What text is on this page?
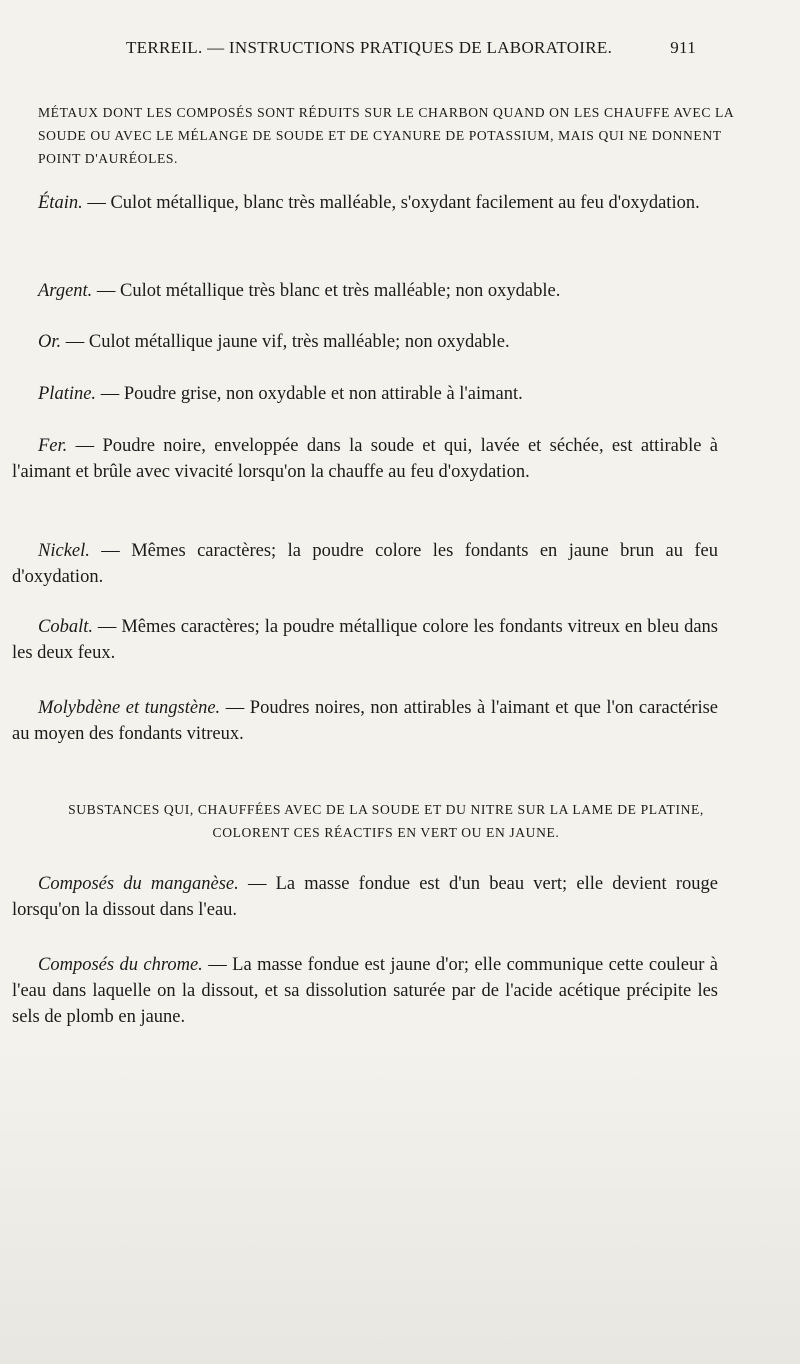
TERREIL. — INSTRUCTIONS PRATIQUES DE LABORATOIRE.	911
MÉTAUX DONT LES COMPOSÉS SONT RÉDUITS SUR LE CHARBON QUAND ON LES CHAUFFE AVEC LA SOUDE OU AVEC LE MÉLANGE DE SOUDE ET DE CYANURE DE POTASSIUM, MAIS QUI NE DONNENT POINT D'AURÉOLES.

Étain. — Culot métallique, blanc très malléable, s'oxydant facilement au feu d'oxydation.

Argent. — Culot métallique très blanc et très malléable; non oxydable.

Or. — Culot métallique jaune vif, très malléable; non oxydable.

Platine. — Poudre grise, non oxydable et non attirable à l'aimant.

Fer. — Poudre noire, enveloppée dans la soude et qui, lavée et séchée, est attirable à l'aimant et brûle avec vivacité lorsqu'on la chauffe au feu d'oxydation.

Nickel. — Mêmes caractères; la poudre colore les fondants en jaune brun au feu d'oxydation.

Cobalt. — Mêmes caractères; la poudre métallique colore les fondants vitreux en bleu dans les deux feux.

Molybdène et tungstène. — Poudres noires, non attirables à l'aimant et que l'on caractérise au moyen des fondants vitreux.

SUBSTANCES QUI, CHAUFFÉES AVEC DE LA SOUDE ET DU NITRE SUR LA LAME DE PLATINE, COLORENT CES RÉACTIFS EN VERT OU EN JAUNE.

Composés du manganèse. — La masse fondue est d'un beau vert; elle devient rouge lorsqu'on la dissout dans l'eau.

Composés du chrome. — La masse fondue est jaune d'or; elle communique cette couleur à l'eau dans laquelle on la dissout, et sa dissolution saturée par de l'acide acétique précipite les sels de plomb en jaune.
